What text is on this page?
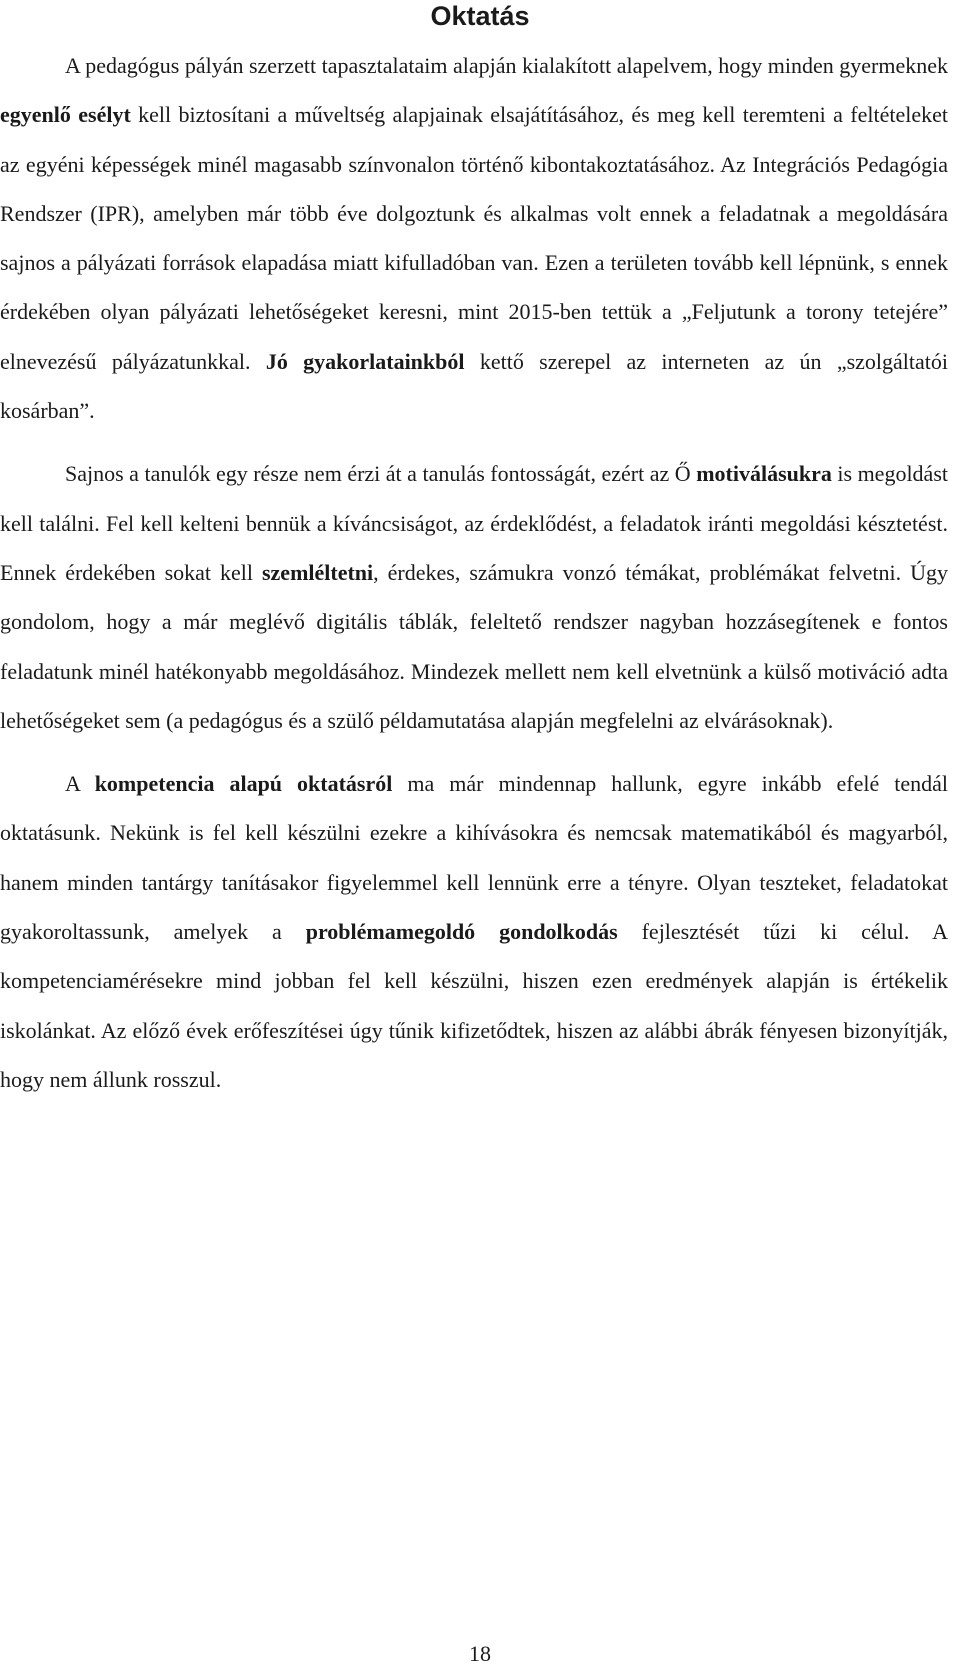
Oktatás

A pedagógus pályán szerzett tapasztalataim alapján kialakított alapelvem, hogy minden gyermeknek egyenlő esélyt kell biztosítani a műveltség alapjainak elsajátításához, és meg kell teremteni a feltételeket az egyéni képességek minél magasabb színvonalon történő kibontakoztatásához. Az Integrációs Pedagógia Rendszer (IPR), amelyben már több éve dolgoztunk és alkalmas volt ennek a feladatnak a megoldására sajnos a pályázati források elapadása miatt kifulladóban van. Ezen a területen tovább kell lépnünk, s ennek érdekében olyan pályázati lehetőségeket keresni, mint 2015-ben tettük a „Feljutunk a torony tetejére” elnevezésű pályázatunkkal. Jó gyakorlatainkból kettő szerepel az interneten az ún „szolgáltatói kosárban”.

Sajnos a tanulók egy része nem érzi át a tanulás fontosságát, ezért az Ő motiválásukra is megoldást kell találni. Fel kell kelteni bennük a kíváncsiságot, az érdeklődést, a feladatok iránti megoldási késztetést. Ennek érdekében sokat kell szemléltetni, érdekes, számukra vonzó témákat, problémákat felvetni. Úgy gondolom, hogy a már meglévő digitális táblák, feleltető rendszer nagyban hozzásegítenek e fontos feladatunk minél hatékonyabb megoldásához. Mindezek mellett nem kell elvetnünk a külső motiváció adta lehetőségeket sem (a pedagógus és a szülő példamutatása alapján megfelelni az elvárásoknak).

A kompetencia alapú oktatásról ma már mindennap hallunk, egyre inkább efelé tendál oktatásunk. Nekünk is fel kell készülni ezekre a kihívásokra és nemcsak matematikából és magyarból, hanem minden tantárgy tanításakor figyelemmel kell lennünk erre a tényre. Olyan teszteket, feladatokat gyakoroltassunk, amelyek a problémamegoldó gondolkodás fejlesztését tűzi ki célul. A kompetenciamérésekre mind jobban fel kell készülni, hiszen ezen eredmények alapján is értékelik iskolánkat. Az előző évek erőfeszítései úgy tűnik kifizetődtek, hiszen az alábbi ábrák fényesen bizonyítják, hogy nem állunk rosszul.

18
